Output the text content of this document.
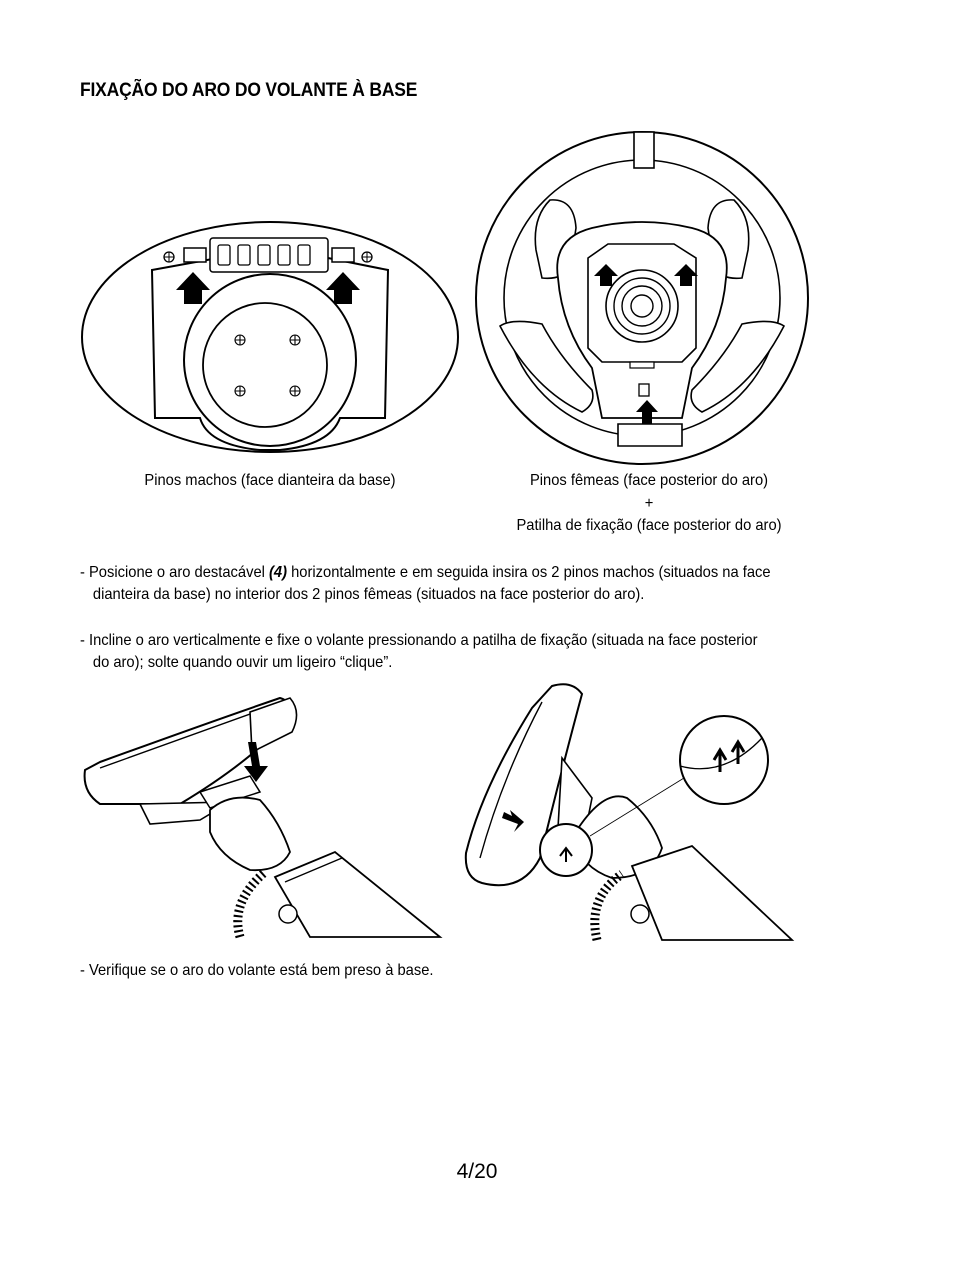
FIXAÇÃO DO ARO DO VOLANTE À BASE
Pinos machos (face dianteira da base)	Pinos fêmeas (face posterior do aro)
+
Patilha de fixação (face posterior do aro)
- Posicione o aro destacável (4) horizontalmente e em seguida insira os 2 pinos machos (situados na face
dianteira da base) no interior dos 2 pinos fêmeas (situados na face posterior do aro).
- Incline o aro verticalmente e fixe o volante pressionando a patilha de fixação (situada na face posterior
do aro); solte quando ouvir um ligeiro “clique”.
- Verifique se o aro do volante está bem preso à base.
4/20
